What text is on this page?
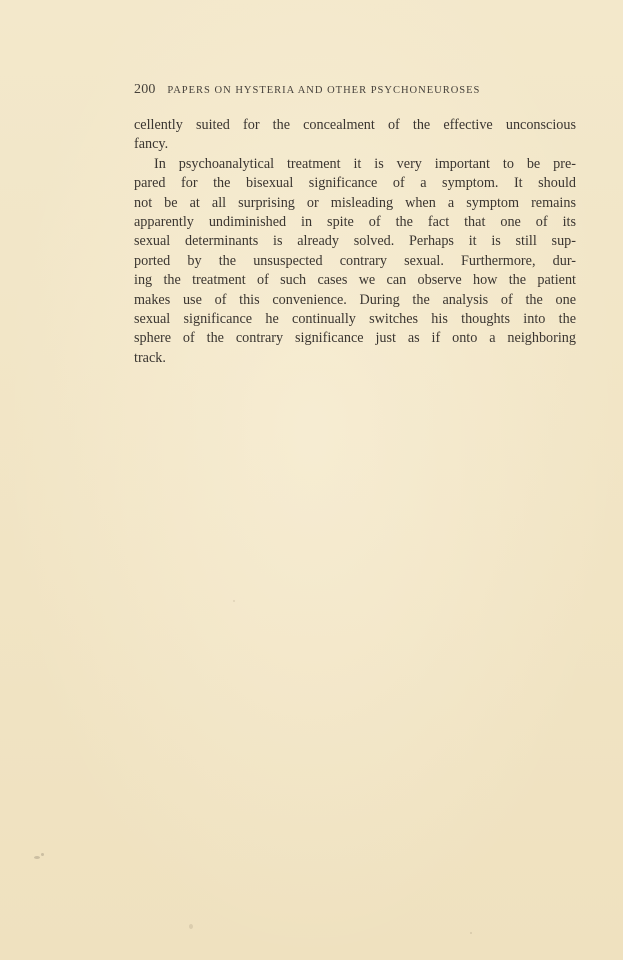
200 PAPERS ON HYSTERIA AND OTHER PSYCHONEUROSES
cellently suited for the concealment of the effective unconscious
fancy.
In psychoanalytical treatment it is very important to be pre-
pared for the bisexual significance of a symptom. It should
not be at all surprising or misleading when a symptom remains
apparently undiminished in spite of the fact that one of its
sexual determinants is already solved. Perhaps it is still sup-
ported by the unsuspected contrary sexual. Furthermore, dur-
ing the treatment of such cases we can observe how the patient
makes use of this convenience. During the analysis of the one
sexual significance he continually switches his thoughts into the
sphere of the contrary significance just as if onto a neighboring
track.
